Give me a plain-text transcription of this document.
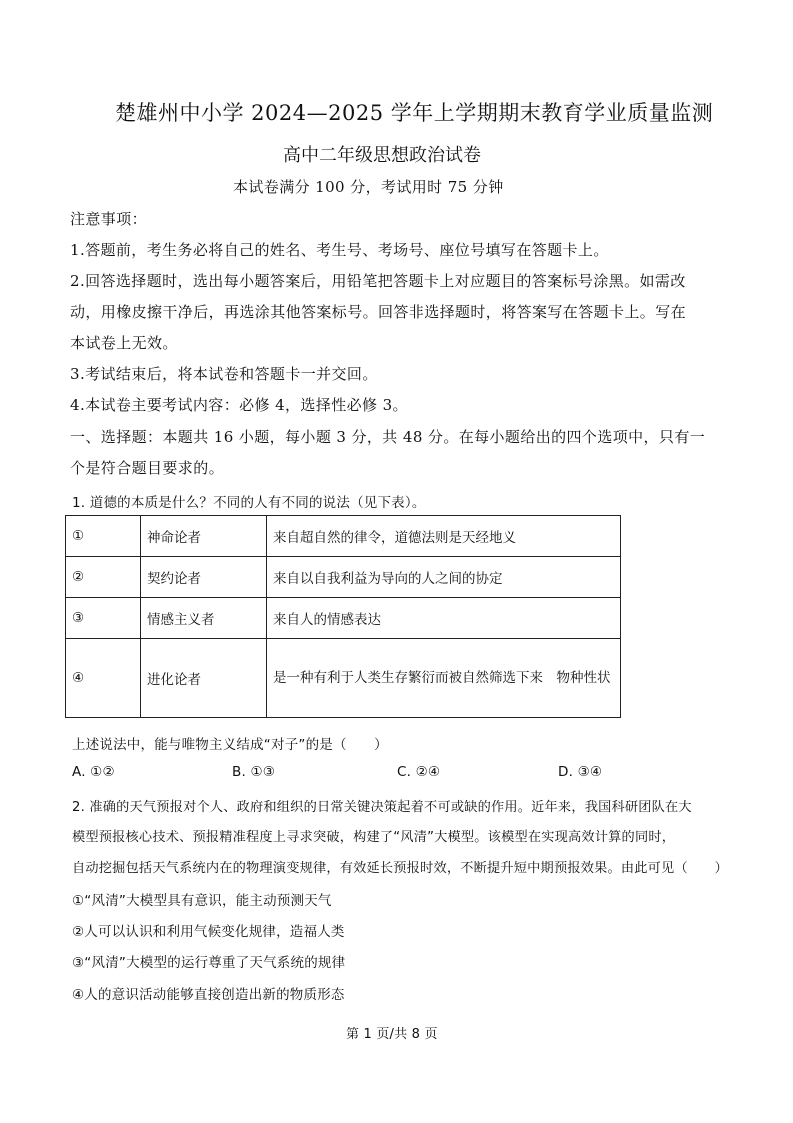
楚雄州中小学 2024—2025 学年上学期期末教育学业质量监测
高中二年级思想政治试卷
本试卷满分 100 分，考试用时 75 分钟
注意事项：
1.答题前，考生务必将自己的姓名、考生号、考场号、座位号填写在答题卡上。
2.回答选择题时，选出每小题答案后，用铅笔把答题卡上对应题目的答案标号涂黑。如需改
动，用橡皮擦干净后，再选涂其他答案标号。回答非选择题时，将答案写在答题卡上。写在
本试卷上无效。
3.考试结束后，将本试卷和答题卡一并交回。
4.本试卷主要考试内容：必修 4，选择性必修 3。
一、选择题：本题共 16 小题，每小题 3 分，共 48 分。在每小题给出的四个选项中，只有一
个是符合题目要求的。
1. 道德的本质是什么？不同的人有不同的说法（见下表）。
①	神命论者	来自超自然的律令，道德法则是天经地义
②	契约论者	来自以自我利益为导向的人之间的协定
③	情感主义者	来自人的情感表达
④	进化论者	是一种有利于人类生存繁衍而被自然筛选下来　物种性状
上述说法中，能与唯物主义结成“对子”的是（　　）
A. ①②	B. ①③	C. ②④	D. ③④
2. 准确的天气预报对个人、政府和组织的日常关键决策起着不可或缺的作用。近年来，我国科研团队在大
模型预报核心技术、预报精准程度上寻求突破，构建了“风清”大模型。该模型在实现高效计算的同时，
自动挖掘包括天气系统内在的物理演变规律，有效延长预报时效，不断提升短中期预报效果。由此可见（　　）
①“风清”大模型具有意识，能主动预测天气
②人可以认识和利用气候变化规律，造福人类
③“风清”大模型的运行尊重了天气系统的规律
④人的意识活动能够直接创造出新的物质形态
第 1 页/共 8 页
